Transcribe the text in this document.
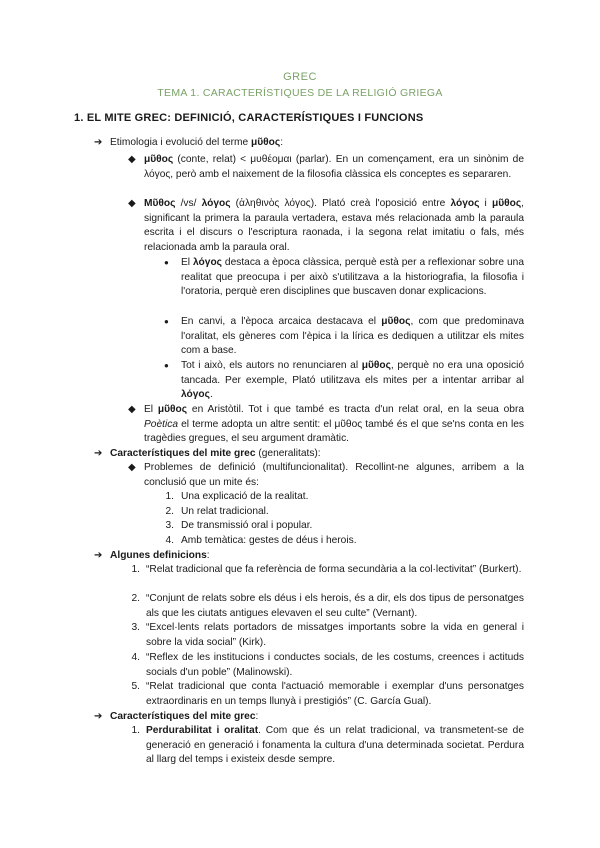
GREC
TEMA 1. CARACTERÍSTIQUES DE LA RELIGIÓ GRIEGA
1. EL MITE GREC: DEFINICIÓ, CARACTERÍSTIQUES I FUNCIONS
➔ Etimologia i evolució del terme μῦθος:

◆ μῦθος (conte, relat) < μυθέομαι (parlar). En un començament, era un sinònim de λόγος, però amb el naixement de la filosofia clàssica els conceptes es separaren.

◆ Μῦθος /vs/ λόγος (ἀληθινὸς λόγος). Plató creà l'oposició entre λόγος i μῦθος, significant la primera la paraula vertadera, estava més relacionada amb la paraula escrita i el discurs o l'escriptura raonada, i la segona relat imitatiu o fals, més relacionada amb la paraula oral.

● El λόγος destaca a època clàssica, perquè està per a reflexionar sobre una realitat que preocupa i per això s'utilitzava a la historiografia, la filosofia i l'oratoria, perquè eren disciplines que buscaven donar explicacions.

● En canvi, a l'època arcaica destacava el μῦθος, com que predominava l'oralitat, els gèneres com l'èpica i la lírica es dediquen a utilitzar els mites com a base.

● Tot i això, els autors no renunciaren al μῦθος, perquè no era una oposició tancada. Per exemple, Plató utilitzava els mites per a intentar arribar al λόγος.

◆ El μῦθος en Aristòtil. Tot i que també es tracta d'un relat oral, en la seua obra Poètica el terme adopta un altre sentit: el μῦθος també és el que se'ns conta en les tragèdies gregues, el seu argument dramàtic.

➔ Característiques del mite grec (generalitats):

◆ Problemes de definició (multifuncionalitat). Recollint-ne algunes, arribem a la conclusió que un mite és:

1. Una explicació de la realitat.
2. Un relat tradicional.
3. De transmissió oral i popular.
4. Amb temàtica: gestes de déus i herois.
➔ Algunes definicions:

1. “Relat tradicional que fa referència de forma secundària a la col·lectivitat” (Burkert).
2. “Conjunt de relats sobre els déus i els herois, és a dir, els dos tipus de personatges als que les ciutats antigues elevaven el seu culte” (Vernant).
3. “Excel·lents relats portadors de missatges importants sobre la vida en general i sobre la vida social” (Kirk).
4. “Reflex de les institucions i conductes socials, de les costums, creences i actituds socials d'un poble” (Malinowski).
5. “Relat tradicional que conta l'actuació memorable i exemplar d'uns personatges extraordinaris en un temps llunyà i prestigiós” (C. García Gual).
➔ Característiques del mite grec:

1. Perdurabilitat i oralitat. Com que és un relat tradicional, va transmetent-se de generació en generació i fonamenta la cultura d'una determinada societat. Perdura al llarg del temps i existeix desde sempre.
